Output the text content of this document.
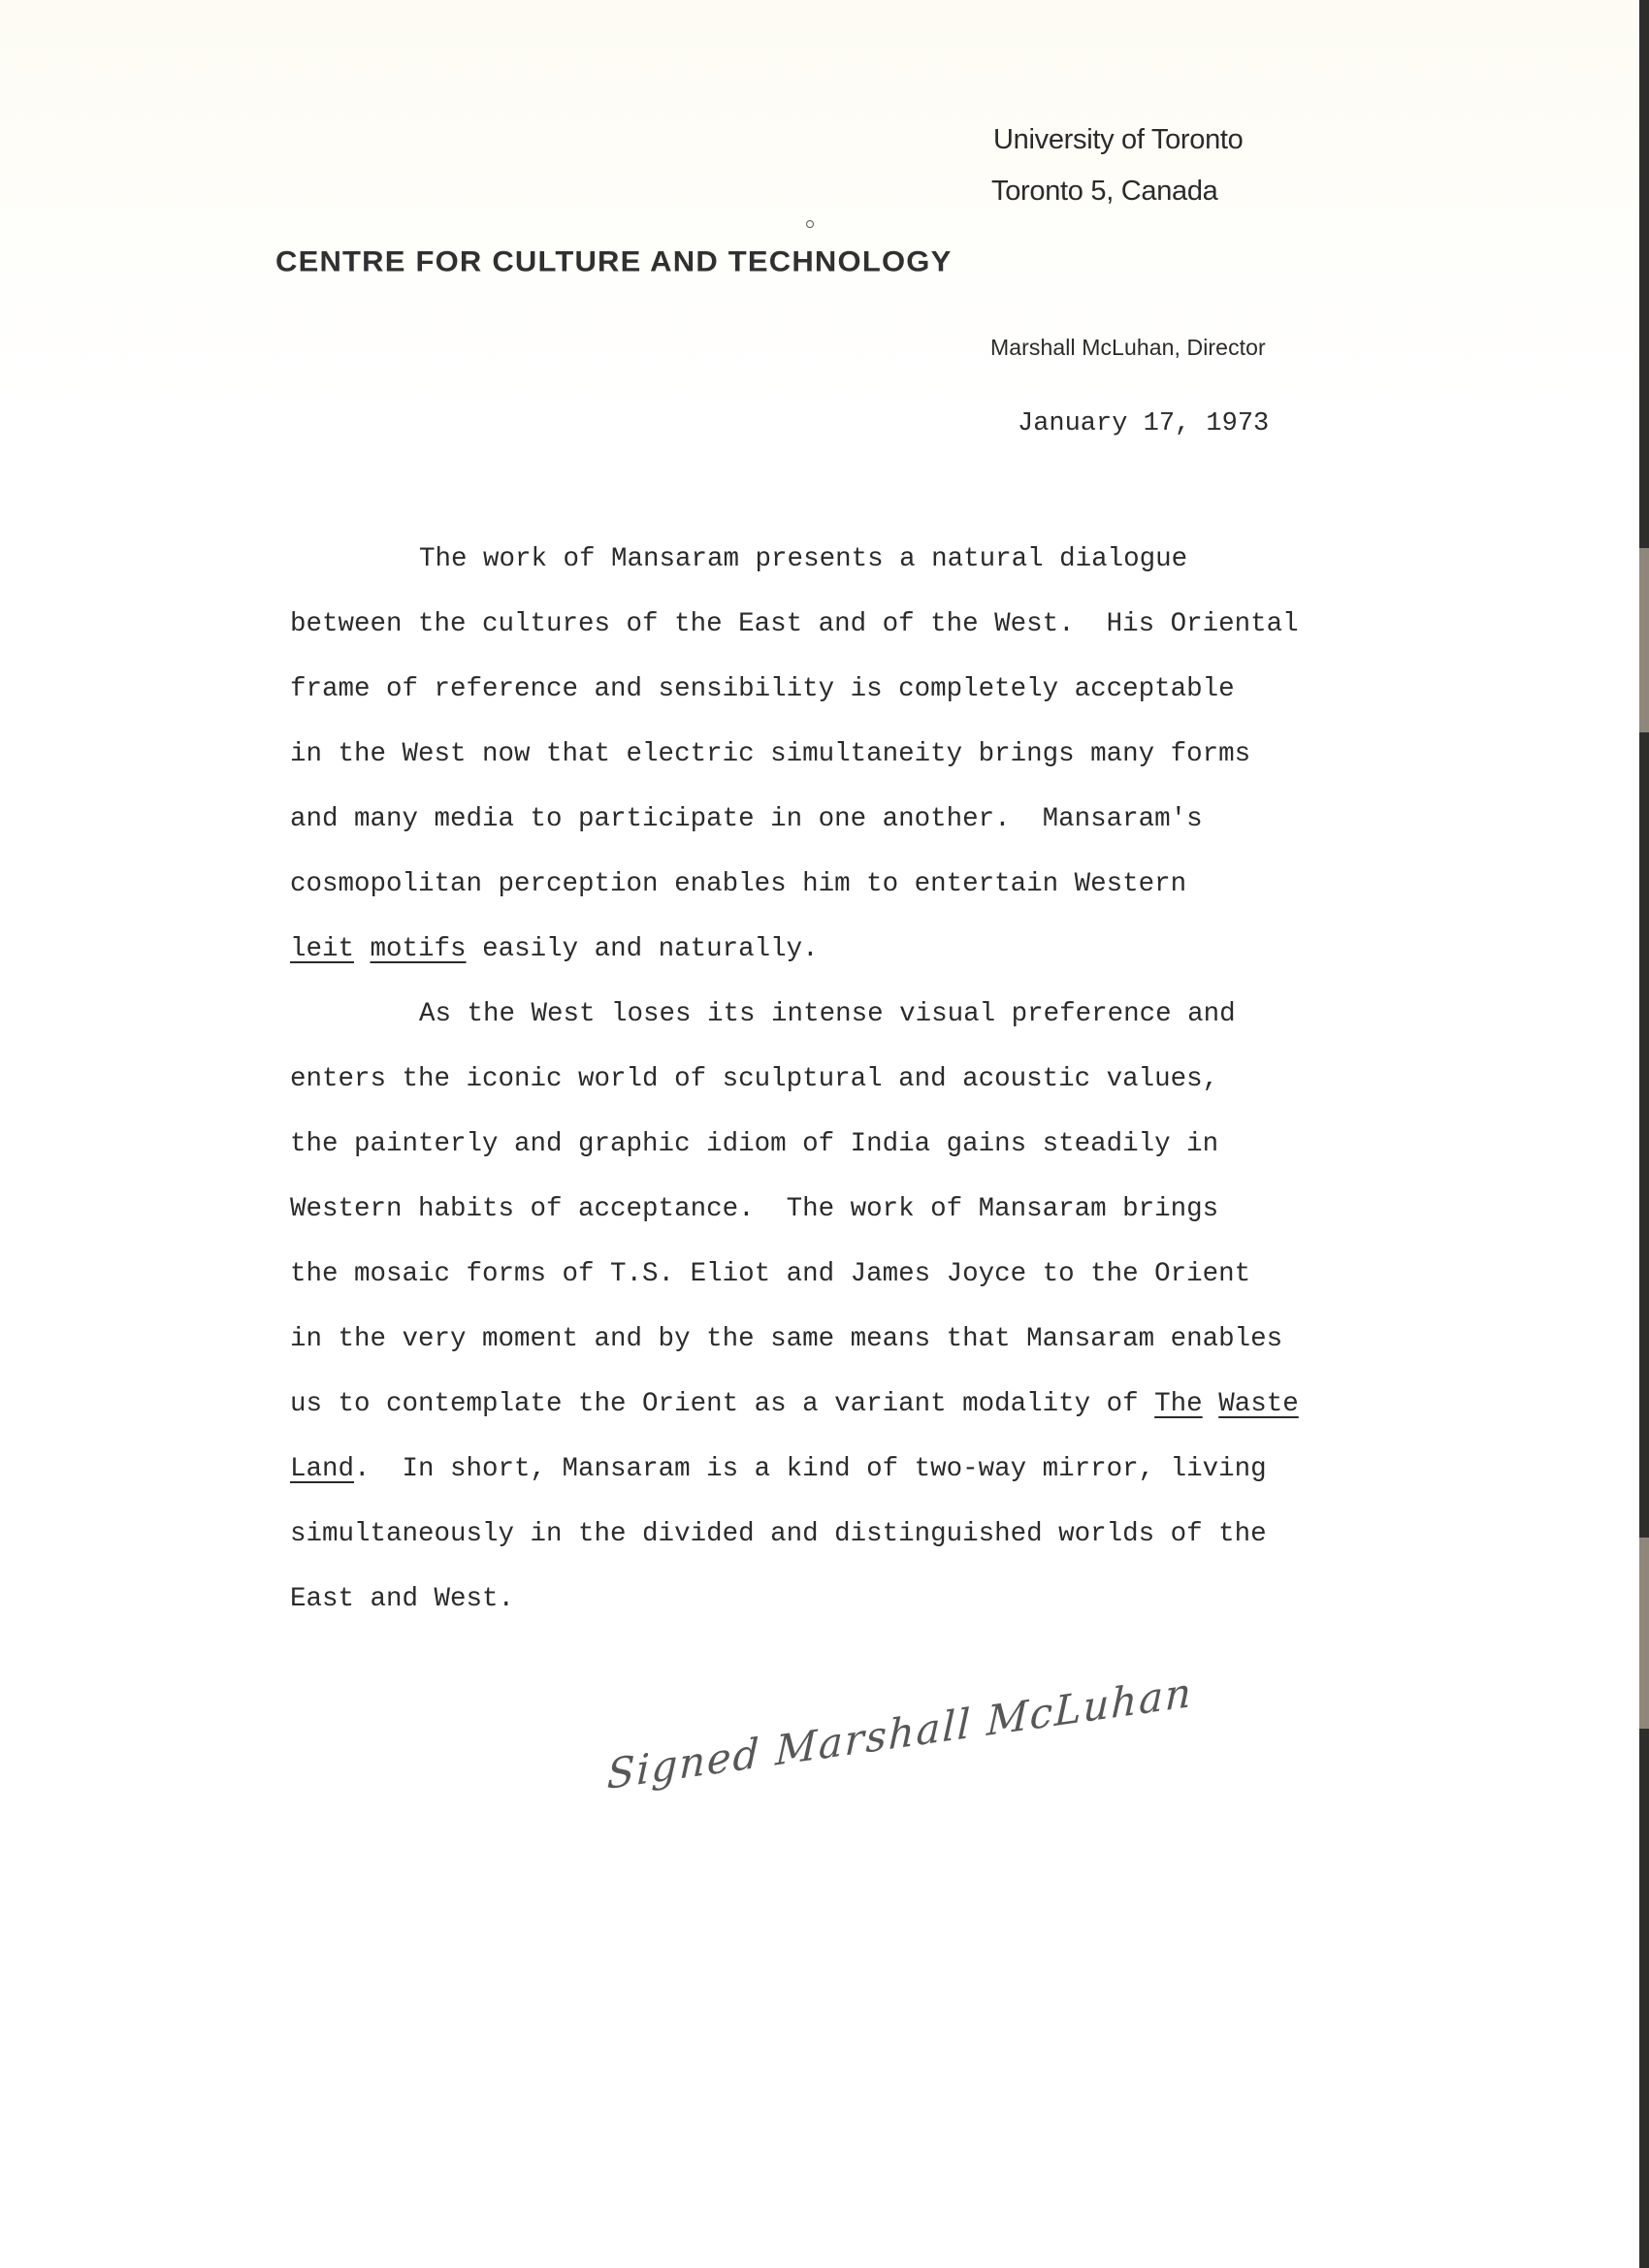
University of Toronto
Toronto 5, Canada
CENTRE FOR CULTURE AND TECHNOLOGY
Marshall McLuhan, Director
January 17, 1973
The work of Mansaram presents a natural dialogue
between the cultures of the East and of the West.  His Oriental
frame of reference and sensibility is completely acceptable
in the West now that electric simultaneity brings many forms
and many media to participate in one another.  Mansaram's
cosmopolitan perception enables him to entertain Western
leit motifs easily and naturally.
As the West loses its intense visual preference and
enters the iconic world of sculptural and acoustic values,
the painterly and graphic idiom of India gains steadily in
Western habits of acceptance.  The work of Mansaram brings
the mosaic forms of T.S. Eliot and James Joyce to the Orient
in the very moment and by the same means that Mansaram enables
us to contemplate the Orient as a variant modality of The Waste
Land.  In short, Mansaram is a kind of two-way mirror, living
simultaneously in the divided and distinguished worlds of the
East and West.
Signed Marshall McLuhan
